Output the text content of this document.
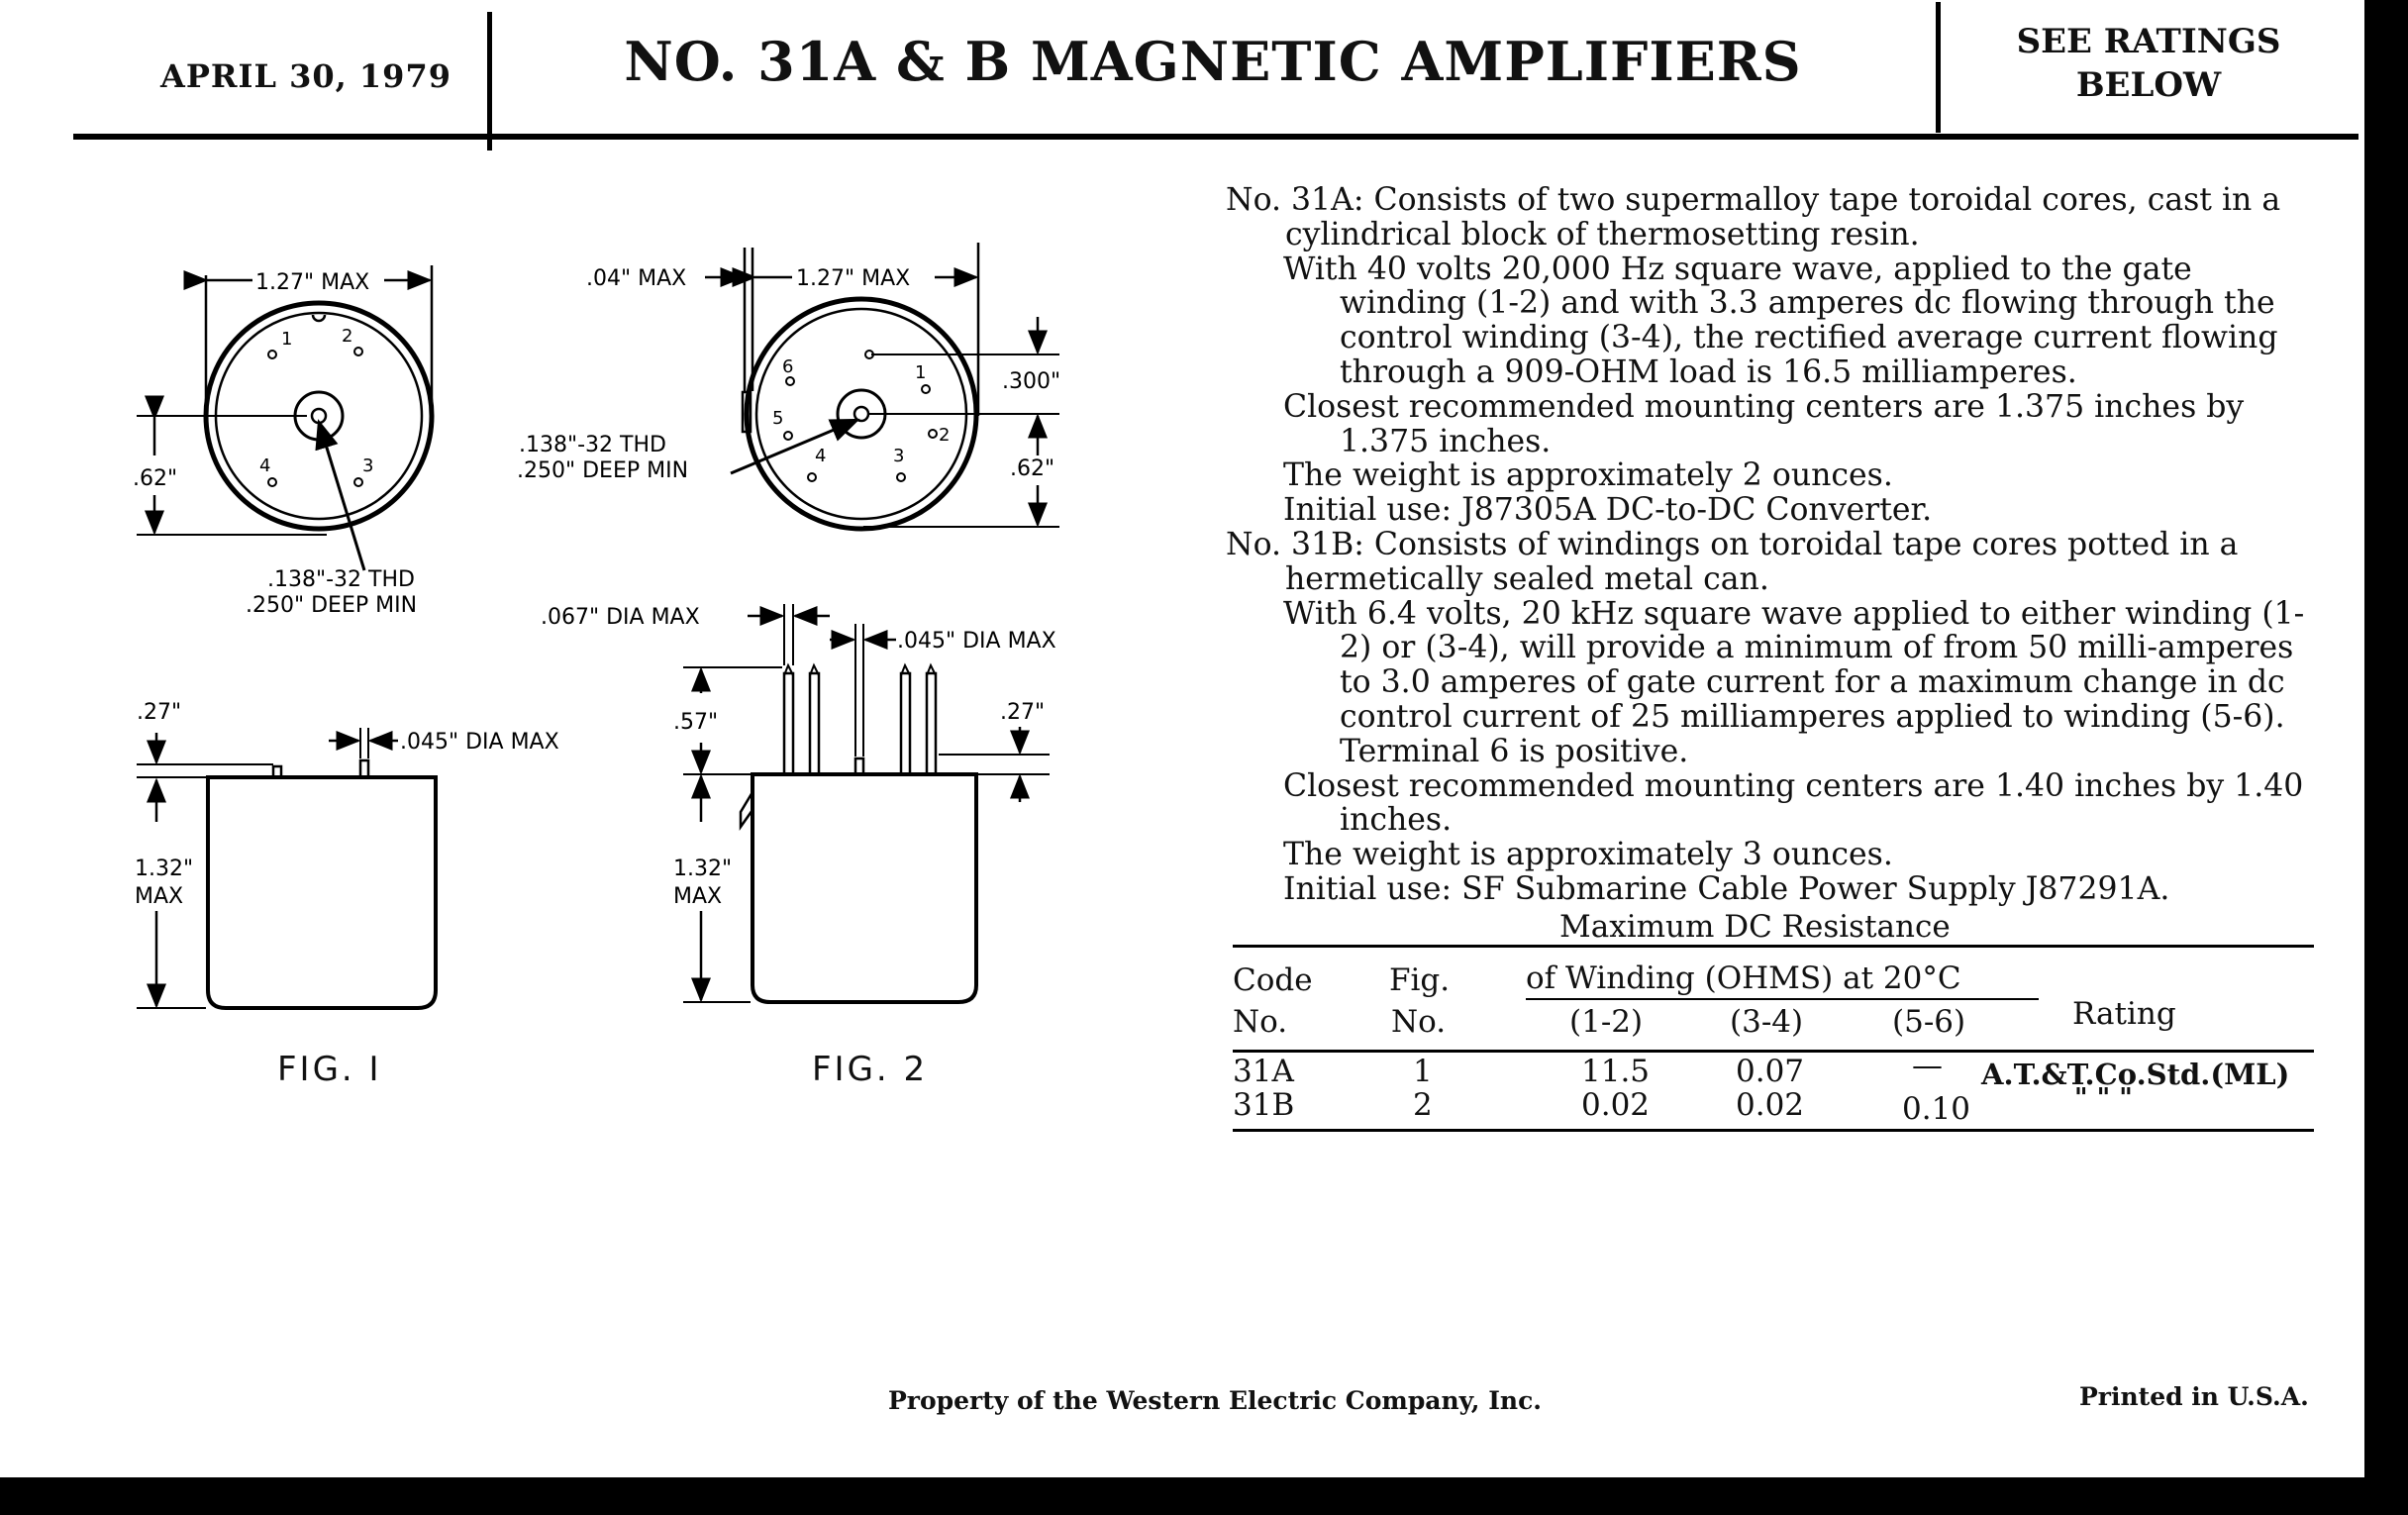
APRIL 30, 1979	NO. 31A & B MAGNETIC AMPLIFIERS	SEE RATINGS
BELOW
1.27" MAX
.62"
.138"-32 THD
.250" DEEP MIN
1	2
3
4
.27"
.045" DIA MAX
1.32"
MAX
.04" MAX	1.27" MAX
.300"
.62"
.138"-32 THD
.250" DEEP MIN
1
2
3
4
5
6
.067" DIA MAX
.045" DIA MAX
.57"	.27"
1.32"
MAX
FIG. I	FIG. 2

No. 31A: Consists of two supermalloy tape toroidal cores, cast in a cylindrical block of thermosetting resin.

With 40 volts 20,000 Hz square wave, applied to the gate winding (1-2) and with 3.3 amperes dc flowing through the control winding (3-4), the rectified average current flowing through a 909-OHM load is 16.5 milliamperes.

Closest recommended mounting centers are 1.375 inches by 1.375 inches.

The weight is approximately 2 ounces.

Initial use: J87305A DC-to-DC Converter.

No. 31B: Consists of windings on toroidal tape cores potted in a hermetically sealed metal can.

With 6.4 volts, 20 kHz square wave applied to either winding (1-2) or (3-4), will provide a minimum of from 50 milli-amperes to 3.0 amperes of gate current for a maximum change in dc control current of 25 milliamperes applied to winding (5-6). Terminal 6 is positive.

Closest recommended mounting centers are 1.40 inches by 1.40 inches.

The weight is approximately 3 ounces.

Initial use: SF Submarine Cable Power Supply J87291A.

Maximum DC Resistance
Code
No.
Fig.
No.
of Winding (OHMS) at 20°C
(1-2)	(3-4)	(5-6)	Rating
31A	1	11.5	0.07	— A.T.&T.Co.Std.(ML)
31B	2	0.02	0.02	0.10	" " "
Property of the Western Electric Company, Inc.	Printed in U.S.A.
